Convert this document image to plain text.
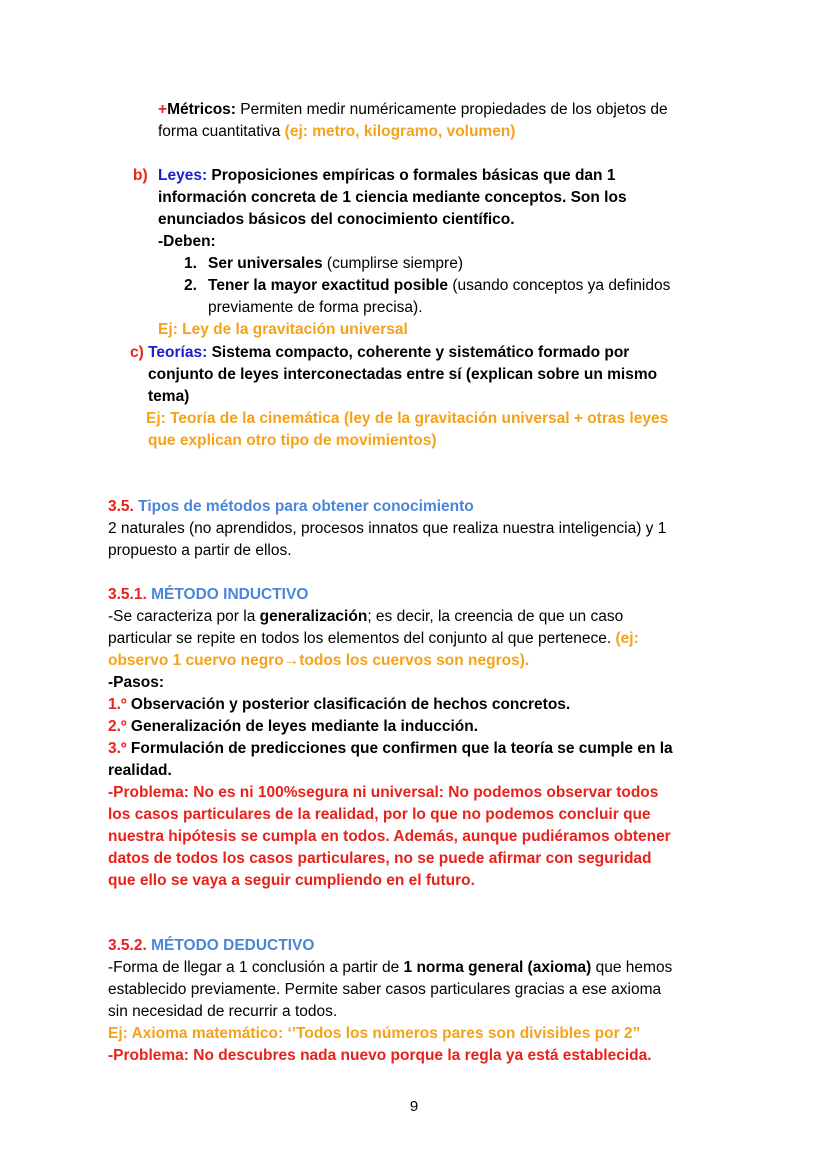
+Métricos: Permiten medir numéricamente propiedades de los objetos de
forma cuantitativa (ej: metro, kilogramo, volumen)
b) Leyes: Proposiciones empíricas o formales básicas que dan 1
información concreta de 1 ciencia mediante conceptos. Son los
enunciados básicos del conocimiento científico.
-Deben:
1. Ser universales (cumplirse siempre)
2. Tener la mayor exactitud posible (usando conceptos ya definidos
previamente de forma precisa).
Ej: Ley de la gravitación universal
c) Teorías: Sistema compacto, coherente y sistemático formado por
conjunto de leyes interconectadas entre sí (explican sobre un mismo
tema)
Ej: Teoría de la cinemática (ley de la gravitación universal + otras leyes
que explican otro tipo de movimientos)
3.5. Tipos de métodos para obtener conocimiento
2 naturales (no aprendidos, procesos innatos que realiza nuestra inteligencia) y 1
propuesto a partir de ellos.
3.5.1. MÉTODO INDUCTIVO
-Se caracteriza por la generalización; es decir, la creencia de que un caso
particular se repite en todos los elementos del conjunto al que pertenece. (ej:
observo 1 cuervo negro→todos los cuervos son negros).
-Pasos:
1.º Observación y posterior clasificación de hechos concretos.
2.º Generalización de leyes mediante la inducción.
3.º Formulación de predicciones que confirmen que la teoría se cumple en la
realidad.
-Problema: No es ni 100%segura ni universal: No podemos observar todos
los casos particulares de la realidad, por lo que no podemos concluir que
nuestra hipótesis se cumpla en todos. Además, aunque pudiéramos obtener
datos de todos los casos particulares, no se puede afirmar con seguridad
que ello se vaya a seguir cumpliendo en el futuro.
3.5.2. MÉTODO DEDUCTIVO
-Forma de llegar a 1 conclusión a partir de 1 norma general (axioma) que hemos
establecido previamente. Permite saber casos particulares gracias a ese axioma
sin necesidad de recurrir a todos.
Ej: Axioma matemático: ‘’Todos los números pares son divisibles por 2”
-Problema: No descubres nada nuevo porque la regla ya está establecida.
9
